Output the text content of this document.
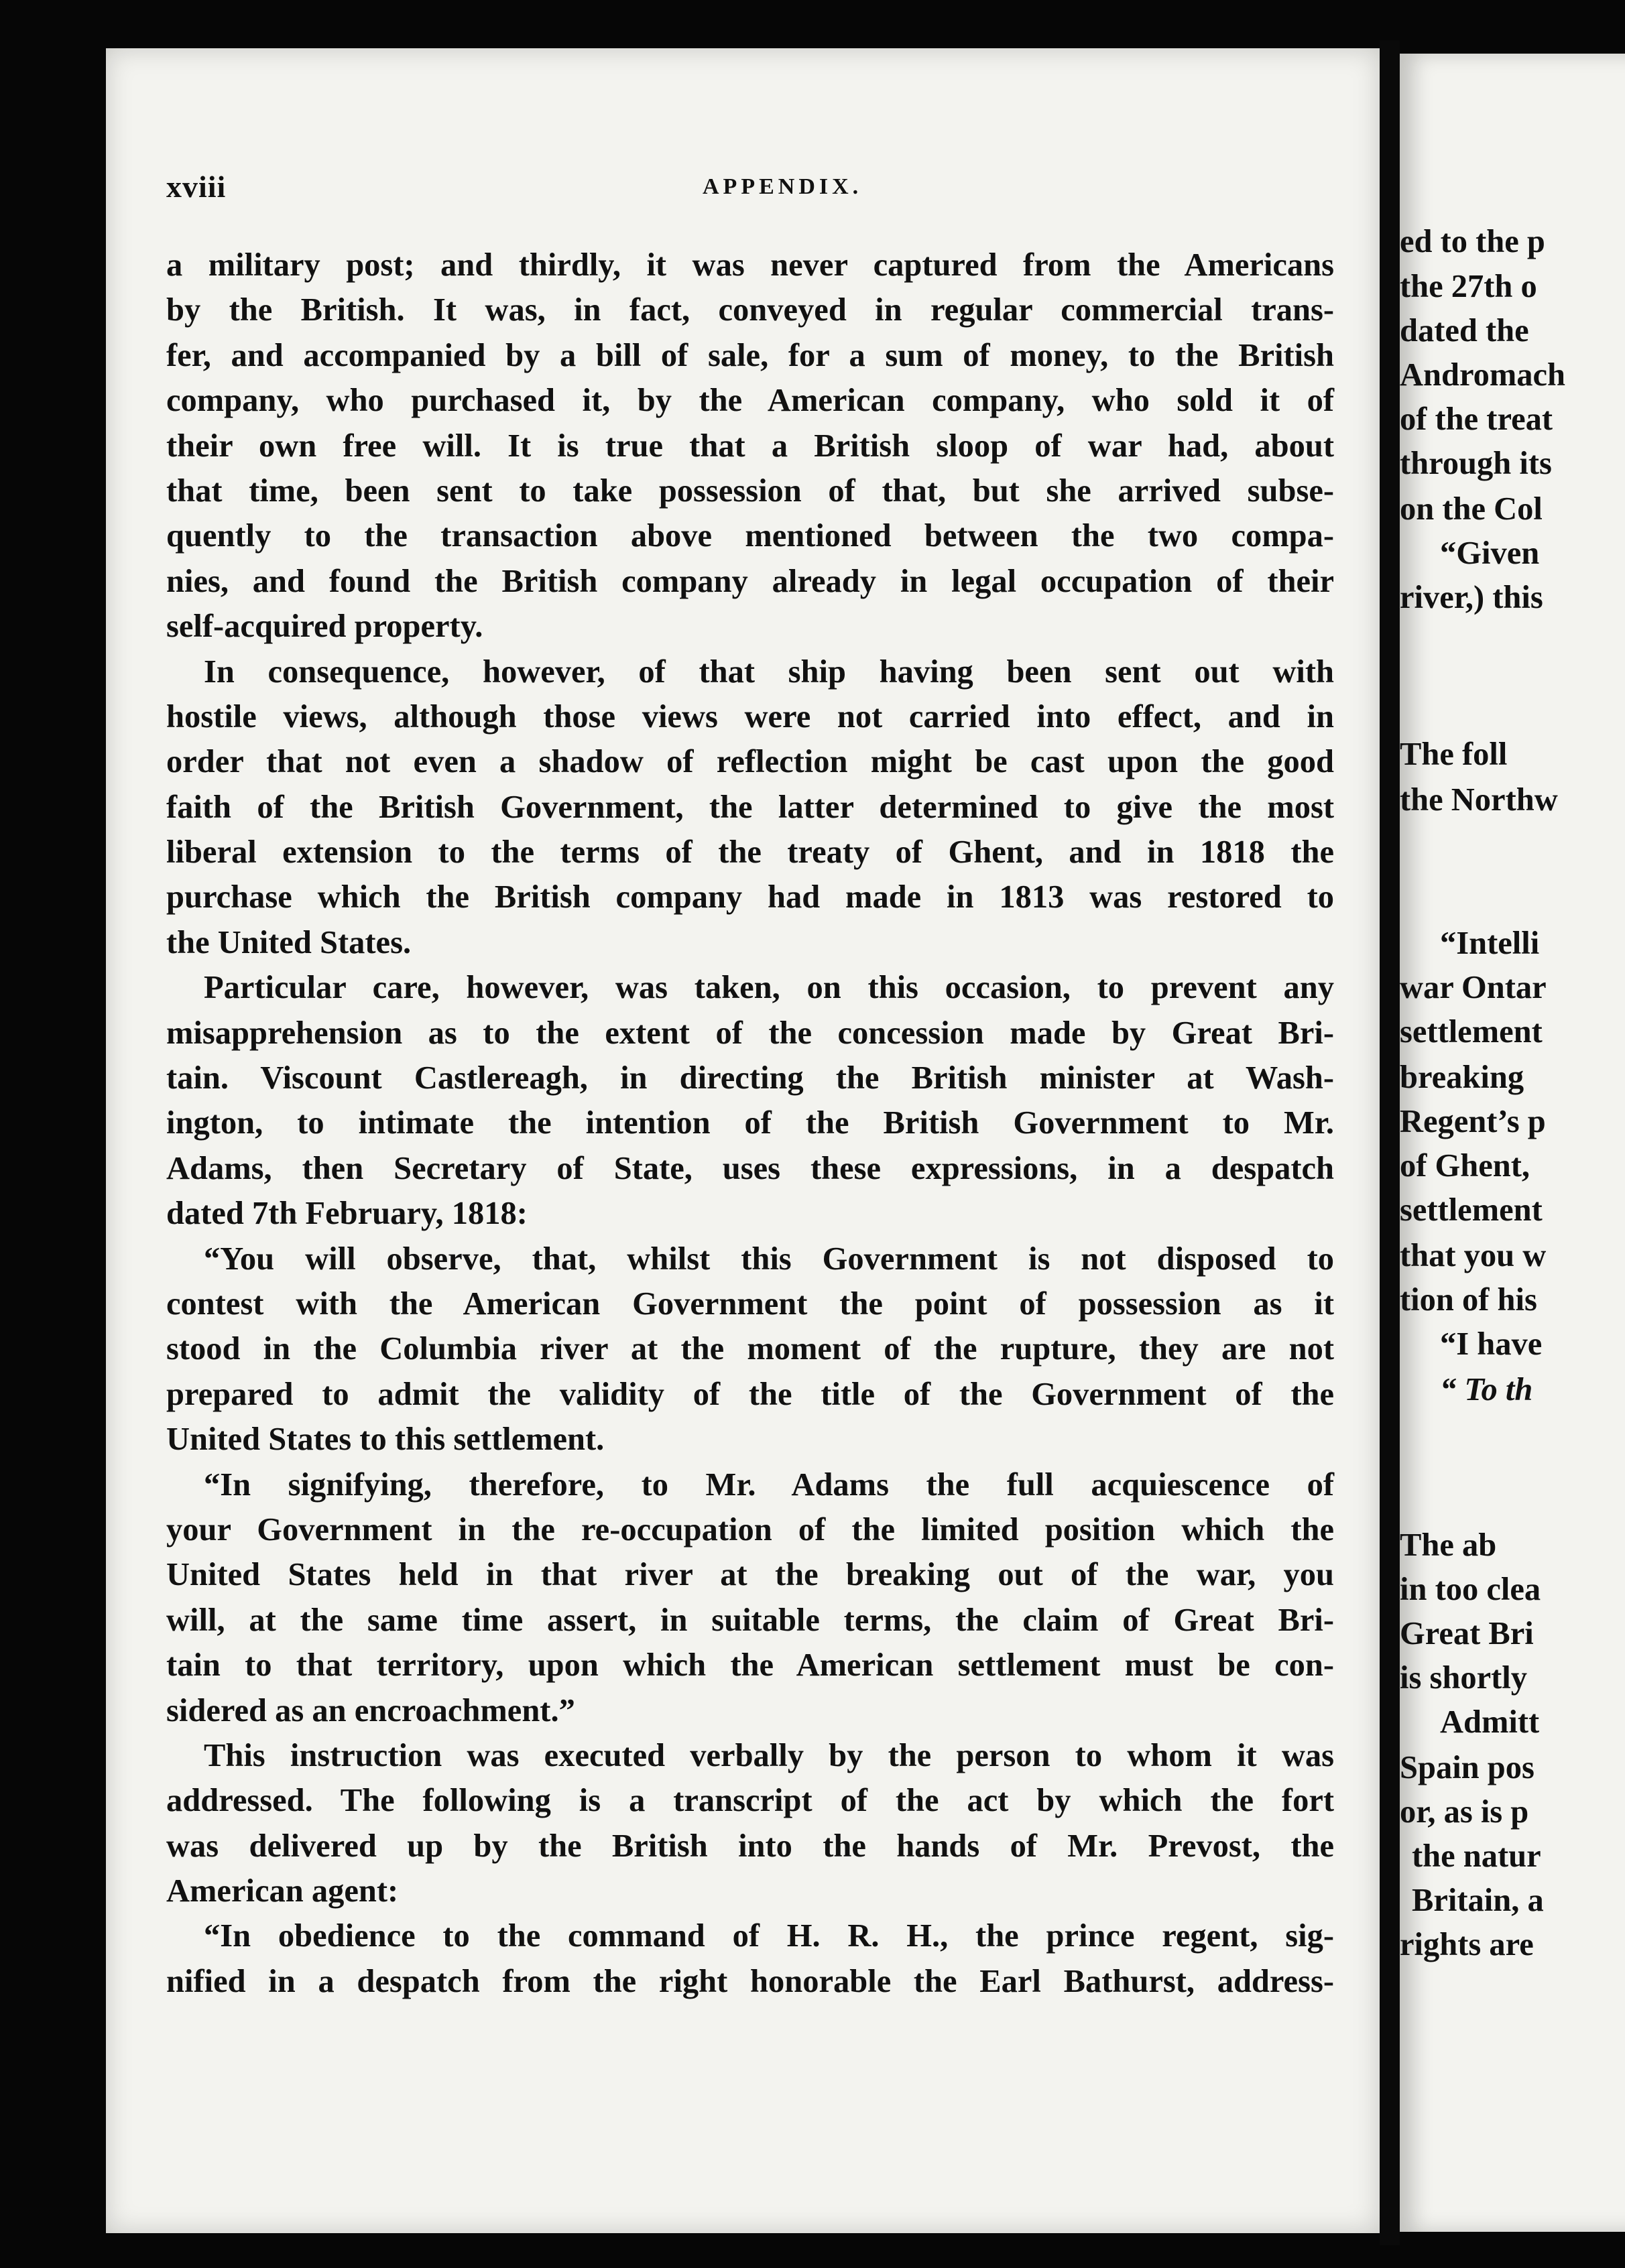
ed to the p
the 27th o
dated the
Andromach
of the treat
through its
on the Col
“Given
river,) this
The foll
the Northw
“Intelli
war Ontar
settlement
breaking
Regent’s p
of Ghent,
settlement
that you w
tion of his
“I have
“ To th
The ab
in too clea
Great Bri
is shortly
Admitt
Spain pos
or, as is p
the natur
Britain, a
rights are
xviii	APPENDIX.
a military post; and thirdly, it was never captured from the Americans
by the British. It was, in fact, conveyed in regular commercial trans-
fer, and accompanied by a bill of sale, for a sum of money, to the British
company, who purchased it, by the American company, who sold it of
their own free will. It is true that a British sloop of war had, about
that time, been sent to take possession of that, but she arrived subse-
quently to the transaction above mentioned between the two compa-
nies, and found the British company already in legal occupation of their
self-acquired property.
In consequence, however, of that ship having been sent out with
hostile views, although those views were not carried into effect, and in
order that not even a shadow of reflection might be cast upon the good
faith of the British Government, the latter determined to give the most
liberal extension to the terms of the treaty of Ghent, and in 1818 the
purchase which the British company had made in 1813 was restored to
the United States.
Particular care, however, was taken, on this occasion, to prevent any
misapprehension as to the extent of the concession made by Great Bri-
tain. Viscount Castlereagh, in directing the British minister at Wash-
ington, to intimate the intention of the British Government to Mr.
Adams, then Secretary of State, uses these expressions, in a despatch
dated 7th February, 1818:
“You will observe, that, whilst this Government is not disposed to
contest with the American Government the point of possession as it
stood in the Columbia river at the moment of the rupture, they are not
prepared to admit the validity of the title of the Government of the
United States to this settlement.
“In signifying, therefore, to Mr. Adams the full acquiescence of
your Government in the re-occupation of the limited position which the
United States held in that river at the breaking out of the war, you
will, at the same time assert, in suitable terms, the claim of Great Bri-
tain to that territory, upon which the American settlement must be con-
sidered as an encroachment.”
This instruction was executed verbally by the person to whom it was
addressed. The following is a transcript of the act by which the fort
was delivered up by the British into the hands of Mr. Prevost, the
American agent:
“In obedience to the command of H. R. H., the prince regent, sig-
nified in a despatch from the right honorable the Earl Bathurst, address-
